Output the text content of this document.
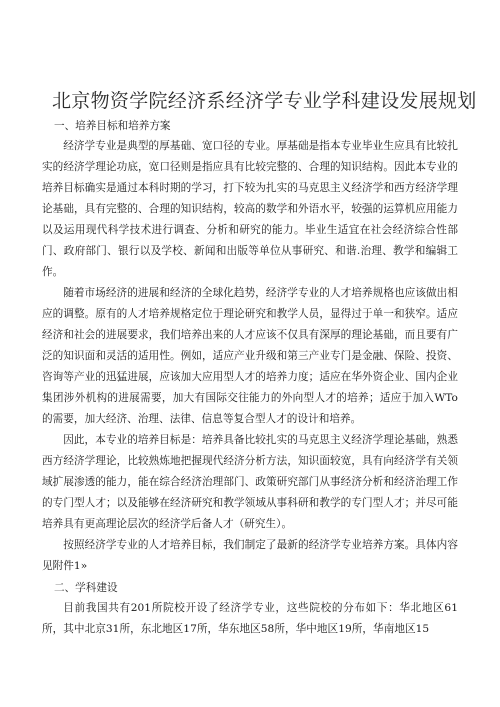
北京物资学院经济系经济学专业学科建设发展规划
一、培养目标和培养方案

经济学专业是典型的厚基础、宽口径的专业。厚基础是指本专业毕业生应具有比较扎实的经济学理论功底，宽口径则是指应具有比较完整的、合理的知识结构。因此本专业的培养目标确实是通过本科时期的学习，打下较为扎实的马克思主义经济学和西方经济学理论基础，具有完整的、合理的知识结构，较高的数学和外语水平，较强的运算机应用能力以及运用现代科学技术进行调查、分析和研究的能力。毕业生适宜在社会经济综合性部门、政府部门、银行以及学校、新闻和出版等单位从事研究、和谐.治理、教学和编辑工作。

随着市场经济的进展和经济的全球化趋势，经济学专业的人才培养规格也应该做出相应的调整。原有的人才培养规格定位于理论研究和教学人员，显得过于单一和狭窄。适应经济和社会的进展要求，我们培养出来的人才应该不仅具有深厚的理论基础，而且要有广泛的知识面和灵活的适用性。例如，适应产业升级和第三产业专门是金融、保险、投资、咨询等产业的迅猛进展，应该加大应用型人才的培养力度；适应在华外资企业、国内企业集团涉外机构的进展需要，加大有国际交往能力的外向型人才的培养；适应于加入WTo的需要，加大经济、治理、法律、信息等复合型人才的设计和培养。

因此，本专业的培养目标是：培养具备比较扎实的马克思主义经济学理论基础，熟悉西方经济学理论，比较熟炼地把握现代经济分析方法，知识面较宽，具有向经济学有关领域扩展渗透的能力，能在综合经济治理部门、政策研究部门从事经济分析和经济治理工作的专门型人才；以及能够在经济研究和教学领域从事科研和教学的专门型人才；并尽可能培养具有更高理论层次的经济学后备人才（研究生）。

按照经济学专业的人才培养目标，我们制定了最新的经济学专业培养方案。具体内容见附件1»

二、学科建设

目前我国共有201所院校开设了经济学专业，这些院校的分布如下：华北地区61所，其中北京31所，东北地区17所，华东地区58所，华中地区19所，华南地区15
